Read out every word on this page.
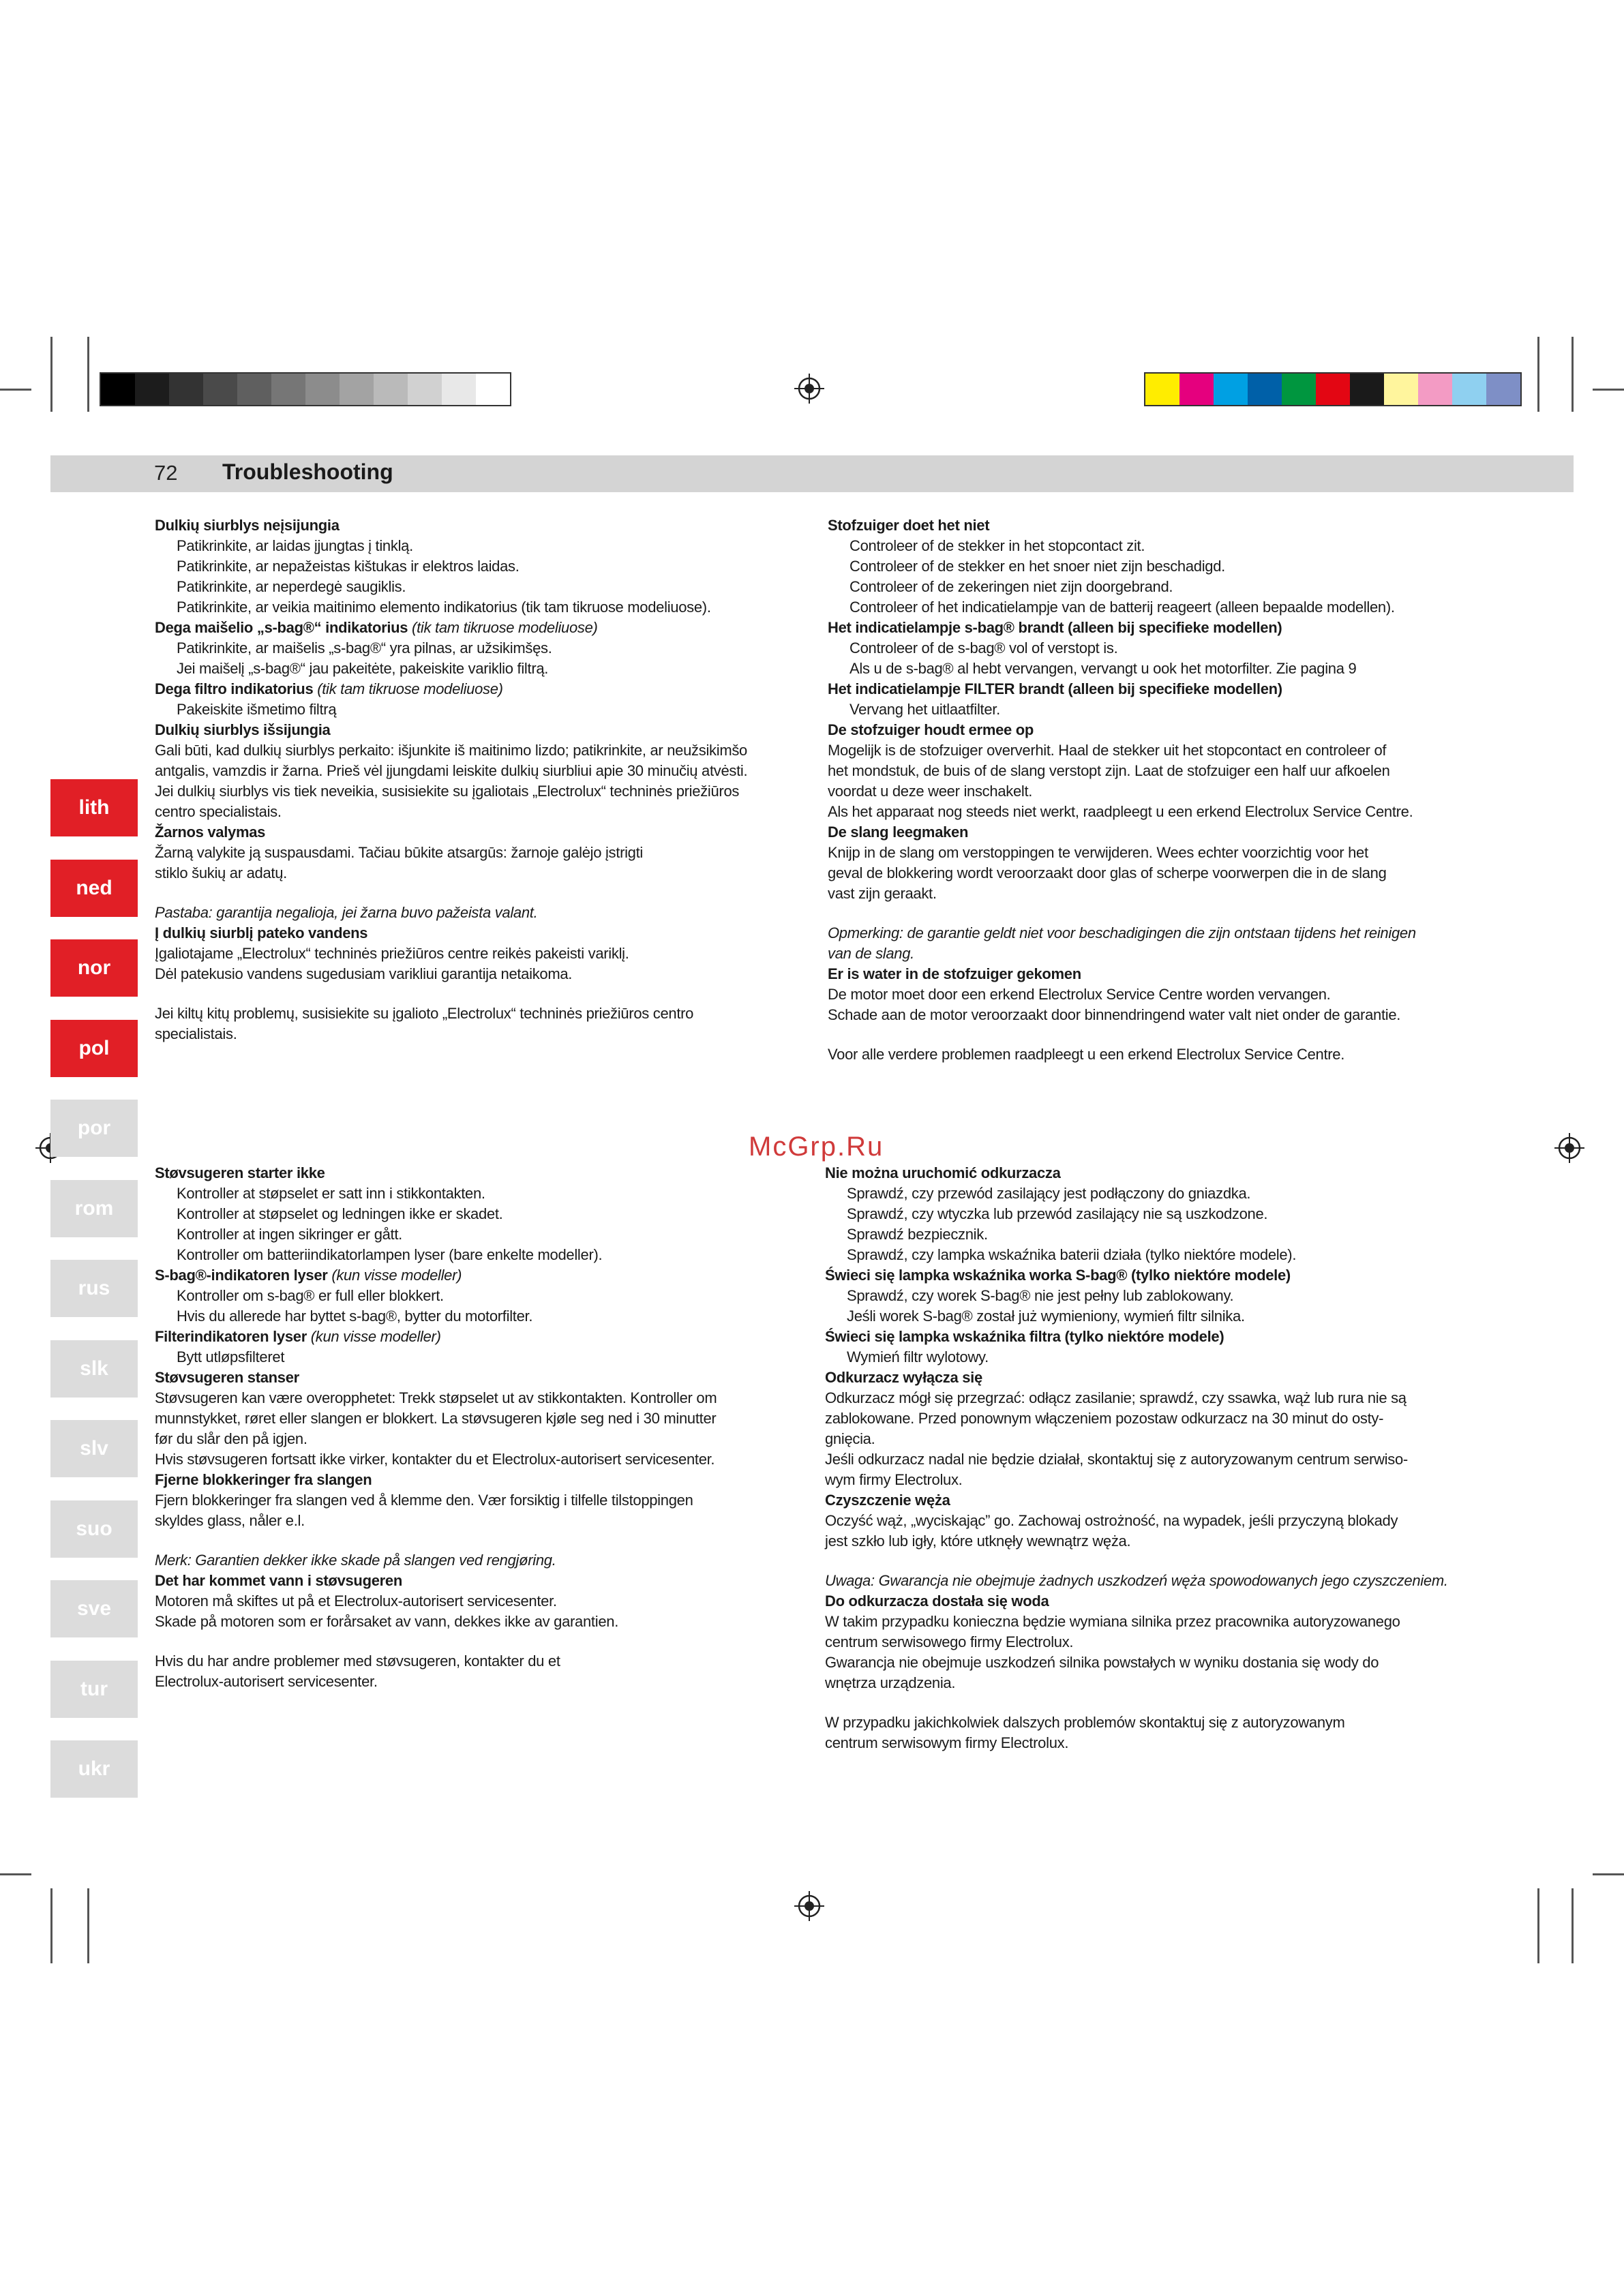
72 Troubleshooting
lith
ned
nor
pol
por
rom
rus
slk
slv
suo
sve
tur
ukr
McGrp.Ru
Dulkių siurblys neįsijungia
Patikrinkite, ar laidas įjungtas į tinklą.
Patikrinkite, ar nepažeistas kištukas ir elektros laidas.
Patikrinkite, ar neperdegė saugiklis.
Patikrinkite, ar veikia maitinimo elemento indikatorius (tik tam tikruose modeliuose).
Dega maišelio „s-bag®“ indikatorius (tik tam tikruose modeliuose)
Patikrinkite, ar maišelis „s-bag®“ yra pilnas, ar užsikimšęs.
Jei maišelį „s-bag®“ jau pakeitėte, pakeiskite variklio filtrą.
Dega filtro indikatorius (tik tam tikruose modeliuose)
Pakeiskite išmetimo filtrą
Dulkių siurblys išsijungia
Gali būti, kad dulkių siurblys perkaito: išjunkite iš maitinimo lizdo; patikrinkite, ar neužsikimšo
antgalis, vamzdis ir žarna. Prieš vėl įjungdami leiskite dulkių siurbliui apie 30 minučių atvėsti.
Jei dulkių siurblys vis tiek neveikia, susisiekite su įgaliotais „Electrolux“ techninės priežiūros
centro specialistais.
Žarnos valymas
Žarną valykite ją suspausdami. Tačiau būkite atsargūs: žarnoje galėjo įstrigti
stiklo šukių ar adatų.
Pastaba: garantija negalioja, jei žarna buvo pažeista valant.
Į dulkių siurblį pateko vandens
Įgaliotajame „Electrolux“ techninės priežiūros centre reikės pakeisti variklį.
Dėl patekusio vandens sugedusiam varikliui garantija netaikoma.
Jei kiltų kitų problemų, susisiekite su įgalioto „Electrolux“ techninės priežiūros centro
specialistais.
Stofzuiger doet het niet
Controleer of de stekker in het stopcontact zit.
Controleer of de stekker en het snoer niet zijn beschadigd.
Controleer of de zekeringen niet zijn doorgebrand.
Controleer of het indicatielampje van de batterij reageert (alleen bepaalde modellen).
Het indicatielampje s-bag® brandt (alleen bij specifieke modellen)
Controleer of de s-bag® vol of verstopt is.
Als u de s-bag® al hebt vervangen, vervangt u ook het motorfilter. Zie pagina 9
Het indicatielampje FILTER brandt (alleen bij specifieke modellen)
Vervang het uitlaatfilter.
De stofzuiger houdt ermee op
Mogelijk is de stofzuiger oververhit. Haal de stekker uit het stopcontact en controleer of
het mondstuk, de buis of de slang verstopt zijn. Laat de stofzuiger een half uur afkoelen
voordat u deze weer inschakelt.
Als het apparaat nog steeds niet werkt, raadpleegt u een erkend Electrolux Service Centre.
De slang leegmaken
Knijp in de slang om verstoppingen te verwijderen. Wees echter voorzichtig voor het
geval de blokkering wordt veroorzaakt door glas of scherpe voorwerpen die in de slang
vast zijn geraakt.
Opmerking: de garantie geldt niet voor beschadigingen die zijn ontstaan tijdens het reinigen
van de slang.
Er is water in de stofzuiger gekomen
De motor moet door een erkend Electrolux Service Centre worden vervangen.
Schade aan de motor veroorzaakt door binnendringend water valt niet onder de garantie.
Voor alle verdere problemen raadpleegt u een erkend Electrolux Service Centre.
Støvsugeren starter ikke
Kontroller at støpselet er satt inn i stikkontakten.
Kontroller at støpselet og ledningen ikke er skadet.
Kontroller at ingen sikringer er gått.
Kontroller om batteriindikatorlampen lyser (bare enkelte modeller).
S-bag®-indikatoren lyser (kun visse modeller)
Kontroller om s-bag® er full eller blokkert.
Hvis du allerede har byttet s-bag®, bytter du motorfilter.
Filterindikatoren lyser (kun visse modeller)
Bytt utløpsfilteret
Støvsugeren stanser
Støvsugeren kan være overopphetet: Trekk støpselet ut av stikkontakten. Kontroller om
munnstykket, røret eller slangen er blokkert. La støvsugeren kjøle seg ned i 30 minutter
før du slår den på igjen.
Hvis støvsugeren fortsatt ikke virker, kontakter du et Electrolux-autorisert servicesenter.
Fjerne blokkeringer fra slangen
Fjern blokkeringer fra slangen ved å klemme den. Vær forsiktig i tilfelle tilstoppingen
skyldes glass, nåler e.l.
Merk: Garantien dekker ikke skade på slangen ved rengjøring.
Det har kommet vann i støvsugeren
Motoren må skiftes ut på et Electrolux-autorisert servicesenter.
Skade på motoren som er forårsaket av vann, dekkes ikke av garantien.
Hvis du har andre problemer med støvsugeren, kontakter du et
Electrolux-autorisert servicesenter.
Nie można uruchomić odkurzacza
Sprawdź, czy przewód zasilający jest podłączony do gniazdka.
Sprawdź, czy wtyczka lub przewód zasilający nie są uszkodzone.
Sprawdź bezpiecznik.
Sprawdź, czy lampka wskaźnika baterii działa (tylko niektóre modele).
Świeci się lampka wskaźnika worka S-bag® (tylko niektóre modele)
Sprawdź, czy worek S-bag® nie jest pełny lub zablokowany.
Jeśli worek S-bag® został już wymieniony, wymień filtr silnika.
Świeci się lampka wskaźnika filtra (tylko niektóre modele)
Wymień filtr wylotowy.
Odkurzacz wyłącza się
Odkurzacz mógł się przegrzać: odłącz zasilanie; sprawdź, czy ssawka, wąż lub rura nie są
zablokowane. Przed ponownym włączeniem pozostaw odkurzacz na 30 minut do osty-
gnięcia.
Jeśli odkurzacz nadal nie będzie działał, skontaktuj się z autoryzowanym centrum serwiso-
wym firmy Electrolux.
Czyszczenie węża
Oczyść wąż, „wyciskając” go. Zachowaj ostrożność, na wypadek, jeśli przyczyną blokady
jest szkło lub igły, które utknęły wewnątrz węża.
Uwaga: Gwarancja nie obejmuje żadnych uszkodzeń węża spowodowanych jego czyszczeniem.
Do odkurzacza dostała się woda
W takim przypadku konieczna będzie wymiana silnika przez pracownika autoryzowanego
centrum serwisowego firmy Electrolux.
Gwarancja nie obejmuje uszkodzeń silnika powstałych w wyniku dostania się wody do
wnętrza urządzenia.
W przypadku jakichkolwiek dalszych problemów skontaktuj się z autoryzowanym
centrum serwisowym firmy Electrolux.
